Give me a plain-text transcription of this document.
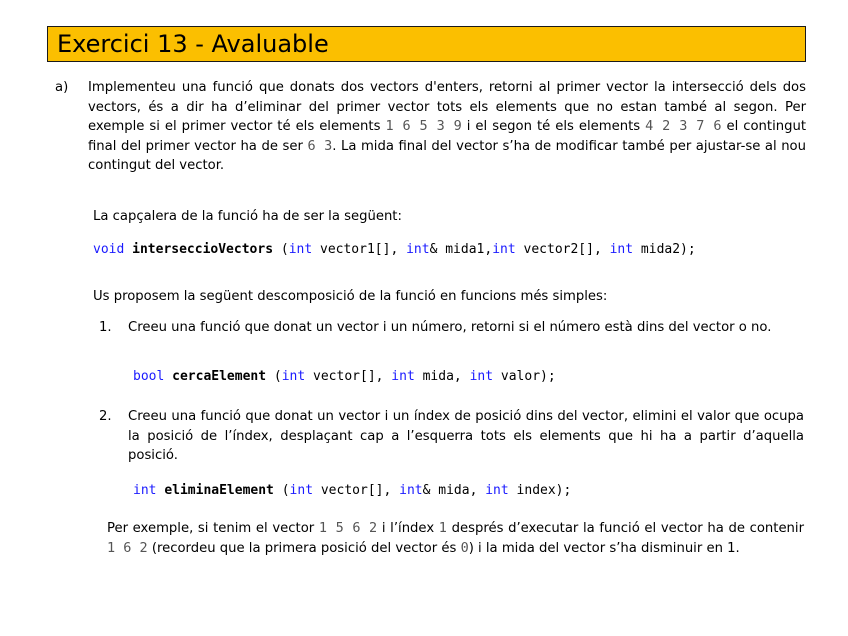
Exercici 13 - Avaluable
a) Implementeu una funció que donats dos vectors d'enters, retorni al primer vector la intersecció dels dos vectors, és a dir ha d’eliminar del primer vector tots els elements que no estan també al segon. Per exemple si el primer vector té els elements 1 6 5 3 9 i el segon té els elements 4 2 3 7 6 el contingut final del primer vector ha de ser 6 3. La mida final del vector s’ha de modificar també per ajustar-se al nou contingut del vector.
La capçalera de la funció ha de ser la següent:
void interseccioVectors (int vector1[], int& mida1,int vector2[], int mida2);
Us proposem la següent descomposició de la funció en funcions més simples:
1. Creeu una funció que donat un vector i un número, retorni si el número està dins del vector o no.
bool cercaElement (int vector[], int mida, int valor);
2. Creeu una funció que donat un vector i un índex de posició dins del vector, elimini el valor que ocupa la posició de l’índex, desplaçant cap a l’esquerra tots els elements que hi ha a partir d’aquella posició.
int eliminaElement (int vector[], int& mida, int index);
Per exemple, si tenim el vector 1 5 6 2 i l’índex 1 després d’executar la funció el vector ha de contenir 1 6 2 (recordeu que la primera posició del vector és 0) i la mida del vector s’ha disminuir en 1.
